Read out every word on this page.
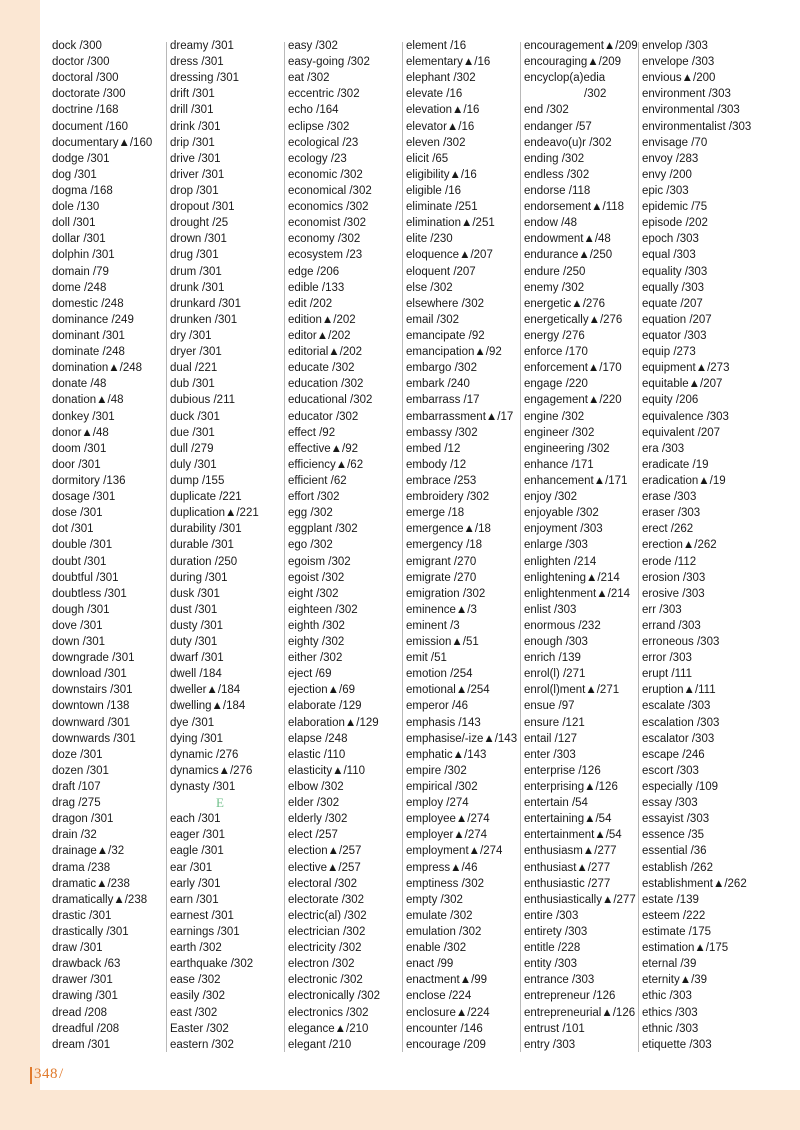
dock /300
doctor /300
doctoral /300
doctorate /300
doctrine /168
document /160
documentary▲/160
dodge /301
dog /301
dogma /168
dole /130
doll /301
dollar /301
dolphin /301
domain /79
dome /248
domestic /248
dominance /249
dominant /301
dominate /248
domination▲/248
donate /48
donation▲/48
donkey /301
donor▲/48
doom /301
door /301
dormitory /136
dosage /301
dose /301
dot /301
double /301
doubt /301
doubtful /301
doubtless /301
dough /301
dove /301
down /301
downgrade /301
download /301
downstairs /301
downtown /138
downward /301
downwards /301
doze /301
dozen /301
draft /107
drag /275
dragon /301
drain /32
drainage▲/32
drama /238
dramatic▲/238
dramatically▲/238
drastic /301
drastically /301
draw /301
drawback /63
drawer /301
drawing /301
dread /208
dreadful /208
dream /301
dreamy /301
dress /301
dressing /301
drift /301
drill /301
drink /301
drip /301
drive /301
driver /301
drop /301
dropout /301
drought /25
drown /301
drug /301
drum /301
drunk /301
drunkard /301
drunken /301
dry /301
dryer /301
dual /221
dub /301
dubious /211
duck /301
due /301
dull /279
duly /301
dump /155
duplicate /221
duplication▲/221
durability /301
durable /301
duration /250
during /301
dusk /301
dust /301
dusty /301
duty /301
dwarf /301
dwell /184
dweller▲/184
dwelling▲/184
dye /301
dying /301
dynamic /276
dynamics▲/276
dynasty /301
E
each /301
eager /301
eagle /301
ear /301
early /301
earn /301
earnest /301
earnings /301
earth /302
earthquake /302
ease /302
easily /302
east /302
Easter /302
eastern /302
easy /302
easy-going /302
eat /302
eccentric /302
echo /164
eclipse /302
ecological /23
ecology /23
economic /302
economical /302
economics /302
economist /302
economy /302
ecosystem /23
edge /206
edible /133
edit /202
edition▲/202
editor▲/202
editorial▲/202
educate /302
education /302
educational /302
educator /302
effect /92
effective▲/92
efficiency▲/62
efficient /62
effort /302
egg /302
eggplant /302
ego /302
egoism /302
egoist /302
eight /302
eighteen /302
eighth /302
eighty /302
either /302
eject /69
ejection▲/69
elaborate /129
elaboration▲/129
elapse /248
elastic /110
elasticity▲/110
elbow /302
elder /302
elderly /302
elect /257
election▲/257
elective▲/257
electoral /302
electorate /302
electric(al) /302
electrician /302
electricity /302
electron /302
electronic /302
electronically /302
electronics /302
elegance▲/210
elegant /210
element /16
elementary▲/16
elephant /302
elevate /16
elevation▲/16
elevator▲/16
eleven /302
elicit /65
eligibility▲/16
eligible /16
eliminate /251
elimination▲/251
elite /230
eloquence▲/207
eloquent /207
else /302
elsewhere /302
email /302
emancipate /92
emancipation▲/92
embargo /302
embark /240
embarrass /17
embarrassment▲/17
embassy /302
embed /12
embody /12
embrace /253
embroidery /302
emerge /18
emergence▲/18
emergency /18
emigrant /270
emigrate /270
emigration /302
eminence▲/3
eminent /3
emission▲/51
emit /51
emotion /254
emotional▲/254
emperor /46
emphasis /143
emphasise/-ize▲/143
emphatic▲/143
empire /302
empirical /302
employ /274
employee▲/274
employer▲/274
employment▲/274
empress▲/46
emptiness /302
empty /302
emulate /302
emulation /302
enable /302
enact /99
enactment▲/99
enclose /224
enclosure▲/224
encounter /146
encourage /209
encouragement▲/209
encouraging▲/209
encyclop(a)edia
/302
end /302
endanger /57
endeavo(u)r /302
ending /302
endless /302
endorse /118
endorsement▲/118
endow /48
endowment▲/48
endurance▲/250
endure /250
enemy /302
energetic▲/276
energetically▲/276
energy /276
enforce /170
enforcement▲/170
engage /220
engagement▲/220
engine /302
engineer /302
engineering /302
enhance /171
enhancement▲/171
enjoy /302
enjoyable /302
enjoyment /303
enlarge /303
enlighten /214
enlightening▲/214
enlightenment▲/214
enlist /303
enormous /232
enough /303
enrich /139
enrol(l) /271
enrol(l)ment▲/271
ensue /97
ensure /121
entail /127
enter /303
enterprise /126
enterprising▲/126
entertain /54
entertaining▲/54
entertainment▲/54
enthusiasm▲/277
enthusiast▲/277
enthusiastic /277
enthusiastically▲/277
entire /303
entirety /303
entitle /228
entity /303
entrance /303
entrepreneur /126
entrepreneurial▲/126
entrust /101
entry /303
envelop /303
envelope /303
envious▲/200
environment /303
environmental /303
environmentalist /303
envisage /70
envoy /283
envy /200
epic /303
epidemic /75
episode /202
epoch /303
equal /303
equality /303
equally /303
equate /207
equation /207
equator /303
equip /273
equipment▲/273
equitable▲/207
equity /206
equivalence /303
equivalent /207
era /303
eradicate /19
eradication▲/19
erase /303
eraser /303
erect /262
erection▲/262
erode /112
erosion /303
erosive /303
err /303
errand /303
erroneous /303
error /303
erupt /111
eruption▲/111
escalate /303
escalation /303
escalator /303
escape /246
escort /303
especially /109
essay /303
essayist /303
essence /35
essential /36
establish /262
establishment▲/262
estate /139
esteem /222
estimate /175
estimation▲/175
eternal /39
eternity▲/39
ethic /303
ethics /303
ethnic /303
etiquette /303
348 /
